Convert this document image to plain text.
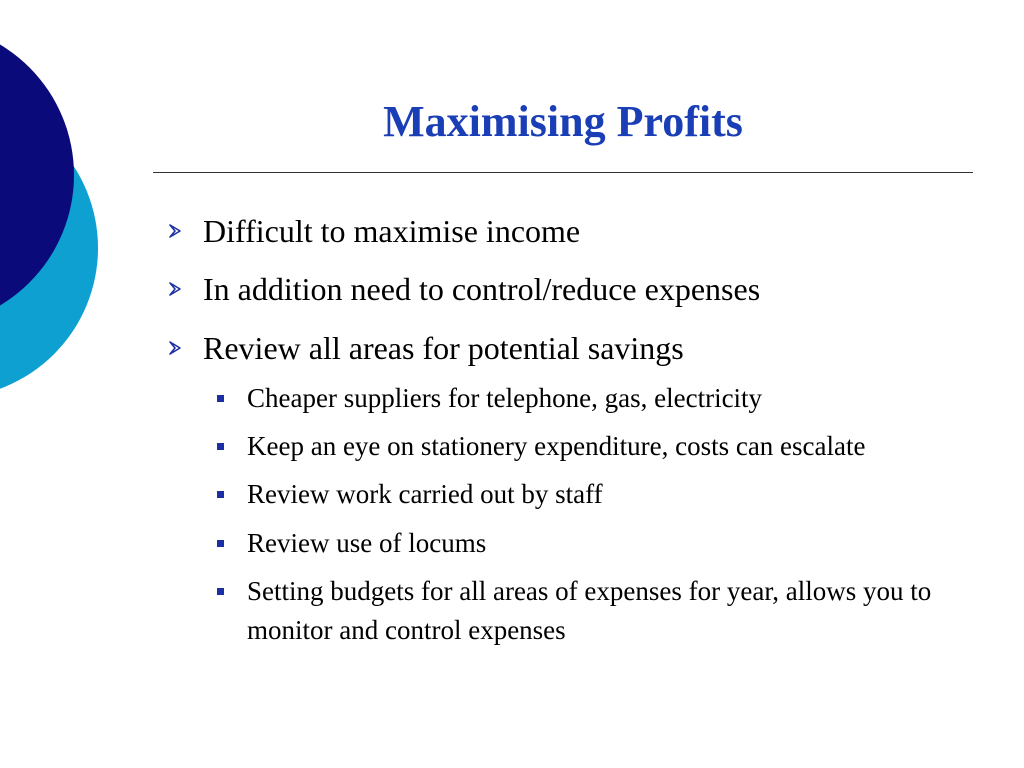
Maximising Profits
Difficult to maximise income
In addition need to control/reduce expenses
Review all areas for potential savings
Cheaper suppliers for telephone, gas, electricity
Keep an eye on stationery expenditure, costs can escalate
Review work carried out by staff
Review use of locums
Setting budgets for all areas of expenses for year, allows you to monitor and control expenses
